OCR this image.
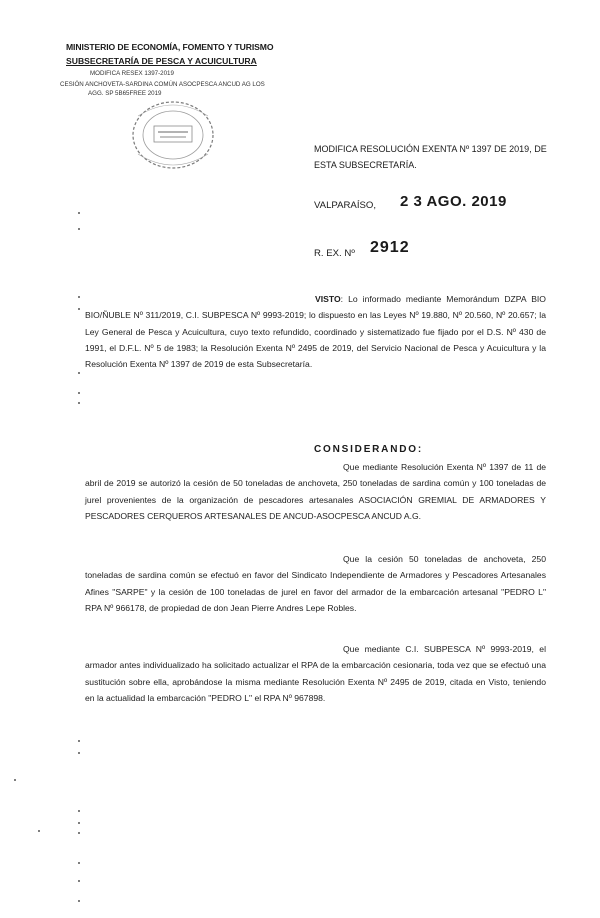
MINISTERIO DE ECONOMÍA, FOMENTO Y TURISMO
SUBSECRETARÍA DE PESCA Y ACUICULTURA
MODIFICA RESEX 1397-2019
CESIÓN ANCHOVETA-SARDINA COMÚN ASOCPESCA ANCUD AG LOS
AGG. SP 5B65FREE 2019
MODIFICA RESOLUCIÓN EXENTA Nº 1397 DE 2019, DE ESTA SUBSECRETARÍA.
VALPARAÍSO, 2 3 AGO. 2019
R. EX. Nº 2912
VISTO: Lo informado mediante Memorándum DZPA BIO BIO/ÑUBLE Nº 311/2019, C.I. SUBPESCA Nº 9993-2019; lo dispuesto en las Leyes Nº 19.880, Nº 20.560, Nº 20.657; la Ley General de Pesca y Acuicultura, cuyo texto refundido, coordinado y sistematizado fue fijado por el D.S. Nº 430 de 1991, el D.F.L. Nº 5 de 1983; la Resolución Exenta Nº 2495 de 2019, del Servicio Nacional de Pesca y Acuicultura y la Resolución Exenta Nº 1397 de 2019 de esta Subsecretaría.
CONSIDERANDO:
Que mediante Resolución Exenta Nº 1397 de 11 de abril de 2019 se autorizó la cesión de 50 toneladas de anchoveta, 250 toneladas de sardina común y 100 toneladas de jurel provenientes de la organización de pescadores artesanales ASOCIACIÓN GREMIAL DE ARMADORES Y PESCADORES CERQUEROS ARTESANALES DE ANCUD-ASOCPESCA ANCUD A.G.
Que la cesión 50 toneladas de anchoveta, 250 toneladas de sardina común se efectuó en favor del Sindicato Independiente de Armadores y Pescadores Artesanales Afines "SARPE" y la cesión de 100 toneladas de jurel en favor del armador de la embarcación artesanal "PEDRO L" RPA Nº 966178, de propiedad de don Jean Pierre Andres Lepe Robles.
Que mediante C.I. SUBPESCA Nº 9993-2019, el armador antes individualizado ha solicitado actualizar el RPA de la embarcación cesionaria, toda vez que se efectuó una sustitución sobre ella, aprobándose la misma mediante Resolución Exenta Nº 2495 de 2019, citada en Visto, teniendo en la actualidad la embarcación "PEDRO L" el RPA Nº 967898.
